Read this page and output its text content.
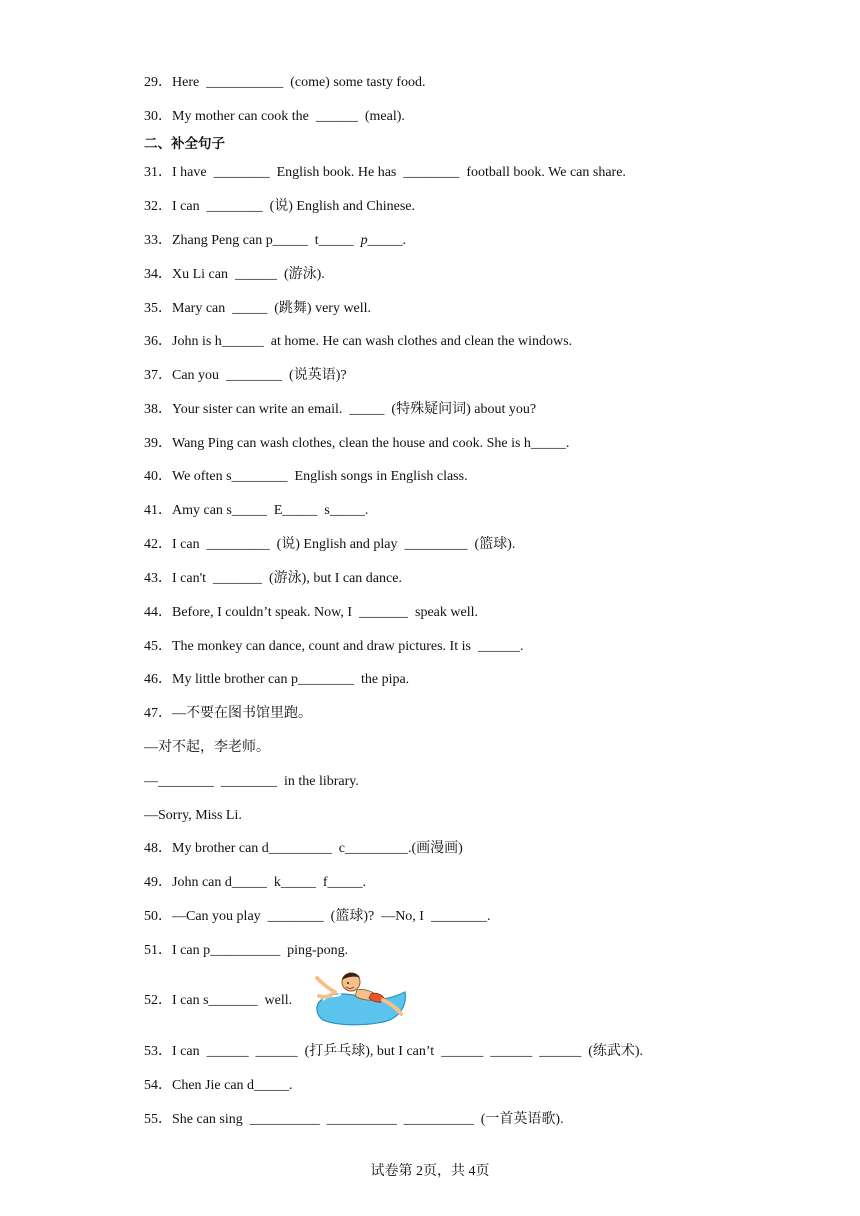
29．Here  ___________  (come) some tasty food.
30．My mother can cook the  ______  (meal).
二、补全句子
31．I have  ________  English book. He has  ________  football book. We can share.
32．I can  ________  (说) English and Chinese.
33．Zhang Peng can p_____  t_____  p_____.
34．Xu Li can  ______  (游泳).
35．Mary can  _____  (跳舞) very well.
36．John is h______  at home. He can wash clothes and clean the windows.
37．Can you  ________  (说英语)?
38．Your sister can write an email.  _____  (特殊疑问词) about you?
39．Wang Ping can wash clothes, clean the house and cook. She is h_____.
40．We often s________  English songs in English class.
41．Amy can s_____  E_____  s_____.
42．I can  _________  (说) English and play  _________  (篮球).
43．I can't  _______  (游泳), but I can dance.
44．Before, I couldn’t speak. Now, I  _______  speak well.
45．The monkey can dance, count and draw pictures. It is  ______.
46．My little brother can p________  the pipa.
47．—不要在图书馆里跑。
—对不起，李老师。
—________  ________  in the library.
—Sorry, Miss Li.
48．My brother can d_________  c_________.(画漫画)
49．John can d_____  k_____  f_____.
50．—Can you play  ________  (篮球)?  —No, I  ________.
51．I can p__________  ping-pong.
52．I can s_______  well.
53．I can  ______  ______  (打乒乓球), but I can’t  ______  ______  ______  (练武术).
54．Chen Jie can d_____.
55．She can sing  __________  __________  __________  (一首英语歌).
试卷第 2页，共 4页
